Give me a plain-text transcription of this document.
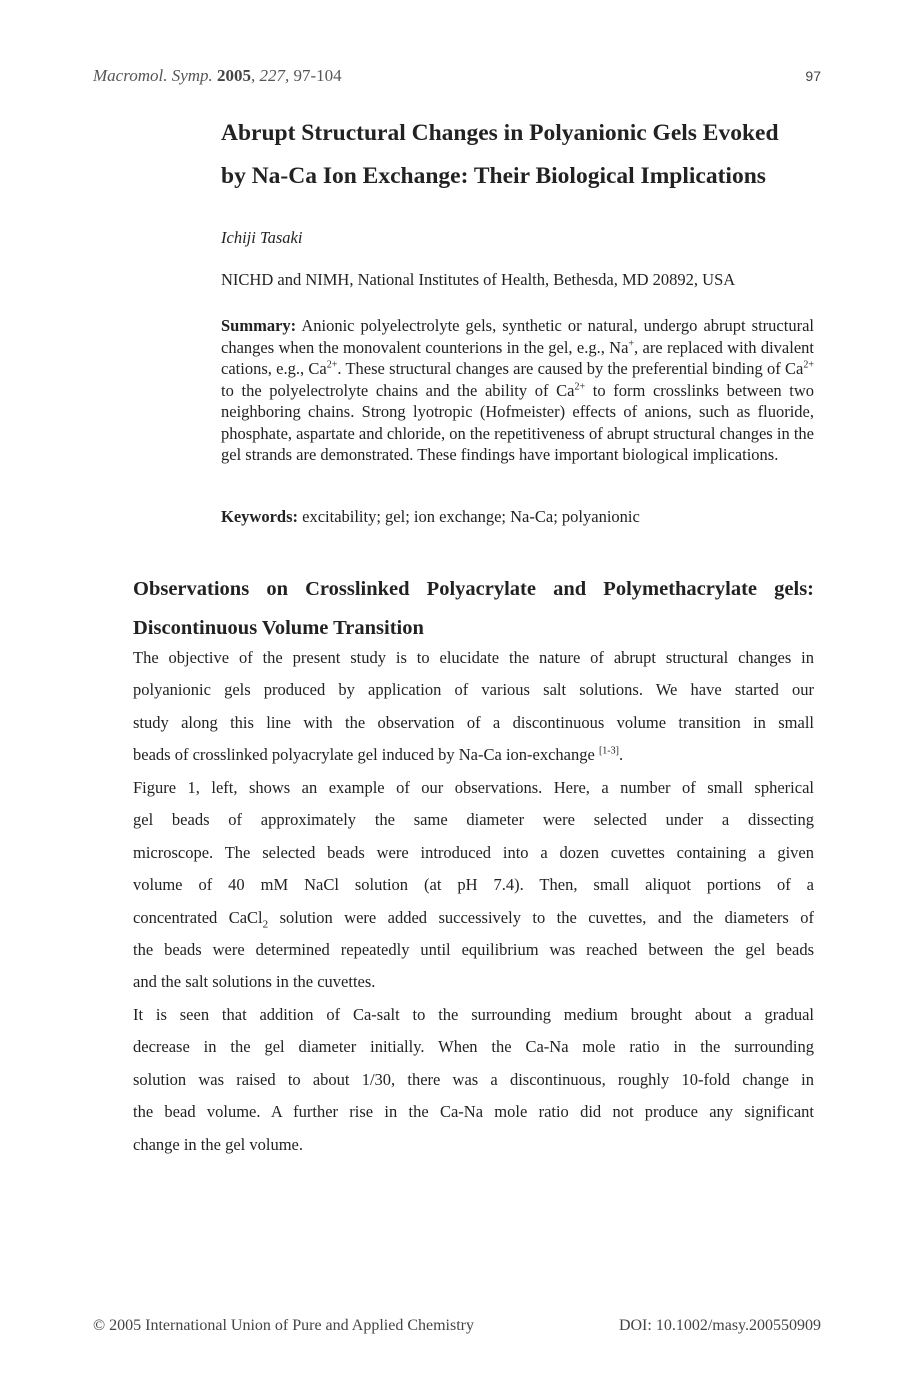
Macromol. Symp. 2005, 227, 97-104	97
Abrupt Structural Changes in Polyanionic Gels Evoked
by Na-Ca Ion Exchange: Their Biological Implications
Ichiji Tasaki
NICHD and NIMH, National Institutes of Health, Bethesda, MD 20892, USA
Summary: Anionic polyelectrolyte gels, synthetic or natural, undergo abrupt structural changes when the monovalent counterions in the gel, e.g., Na+, are replaced with divalent cations, e.g., $Ca^{2+}$. These structural changes are caused by the preferential binding of $Ca^{2+}$ to the polyelectrolyte chains and the ability of $Ca^{2+}$ to form crosslinks between two neighboring chains. Strong lyotropic (Hofmeister) effects of anions, such as fluoride, phosphate, aspartate and chloride, on the repetitiveness of abrupt structural changes in the gel strands are demonstrated. These findings have important biological implications.
Keywords: excitability; gel; ion exchange; Na-Ca; polyanionic
Observations on Crosslinked Polyacrylate and Polymethacrylate gels:
Discontinuous Volume Transition
The objective of the present study is to elucidate the nature of abrupt structural changes in
polyanionic gels produced by application of various salt solutions. We have started our
study along this line with the observation of a discontinuous volume transition in small
beads of crosslinked polyacrylate gel induced by Na-Ca ion-exchange [1-3].
Figure 1, left, shows an example of our observations. Here, a number of small spherical
gel beads of approximately the same diameter were selected under a dissecting
microscope. The selected beads were introduced into a dozen cuvettes containing a given
volume of 40 mM NaCl solution (at pH 7.4). Then, small aliquot portions of a
concentrated CaCl$_2$ solution were added successively to the cuvettes, and the diameters of
the beads were determined repeatedly until equilibrium was reached between the gel beads
and the salt solutions in the cuvettes.
It is seen that addition of Ca-salt to the surrounding medium brought about a gradual
decrease in the gel diameter initially. When the Ca-Na mole ratio in the surrounding
solution was raised to about 1/30, there was a discontinuous, roughly 10-fold change in
the bead volume. A further rise in the Ca-Na mole ratio did not produce any significant
change in the gel volume.
© 2005 International Union of Pure and Applied Chemistry	DOI: 10.1002/masy.200550909
